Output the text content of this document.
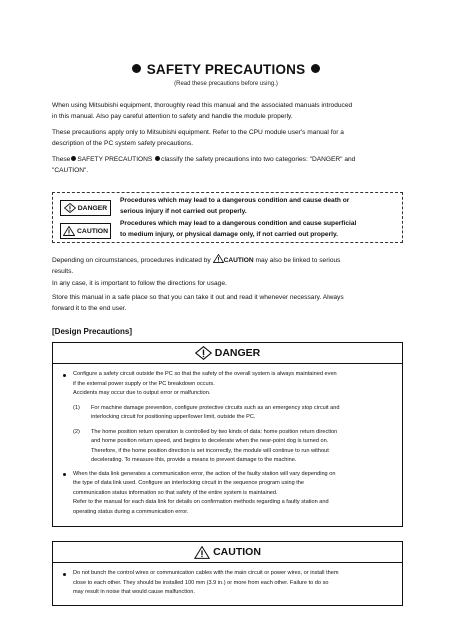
SAFETY PRECAUTIONS
(Read these precautions before using.)

When using Mitsubishi equipment, thoroughly read this manual and the associated manuals introduced
in this manual. Also pay careful attention to safety and handle the module properly.

These precautions apply only to Mitsubishi equipment. Refer to the CPU module user's manual for a
description of the PC system safety precautions.

These SAFETY PRECAUTIONS classify the safety precautions into two categories: "DANGER" and
"CAUTION".

DANGER

Procedures which may lead to a dangerous condition and cause death or
serious injury if not carried out properly.

CAUTION

Procedures which may lead to a dangerous condition and cause superficial
to medium injury, or physical damage only, if not carried out properly.

Depending on circumstances, procedures indicated by CAUTION may also be linked to serious
results.

In any case, it is important to follow the directions for usage.

Store this manual in a safe place so that you can take it out and read it whenever necessary. Always
forward it to the end user.

[Design Precautions]
DANGER
Configure a safety circuit outside the PC so that the safety of the overall system is always maintained even
if the external power supply or the PC breakdown occurs.
Accidents may occur due to output error or malfunction.
(1)	For machine damage prevention, configure protective circuits such as an emergency stop circuit and
interlocking circuit for positioning upper/lower limit, outside the PC.
(2)	The home position return operation is controlled by two kinds of data: home position return direction
and home position return speed, and begins to decelerate when the near-point dog is turned on.
Therefore, if the home position direction is set incorrectly, the module will continue to run without
decelerating. To measure this, provide a means to prevent damage to the machine.
When the data link generates a communication error, the action of the faulty station will vary depending on
the type of data link used. Configure an interlocking circuit in the sequence program using the
communication status information so that safety of the entire system is maintained.
Refer to the manual for each data link for details on confirmation methods regarding a faulty station and
operating status during a communication error.
CAUTION
Do not bunch the control wires or communication cables with the main circuit or power wires, or install them
close to each other. They should be installed 100 mm (3.9 in.) or more from each other. Failure to do so
may result in noise that would cause malfunction.
